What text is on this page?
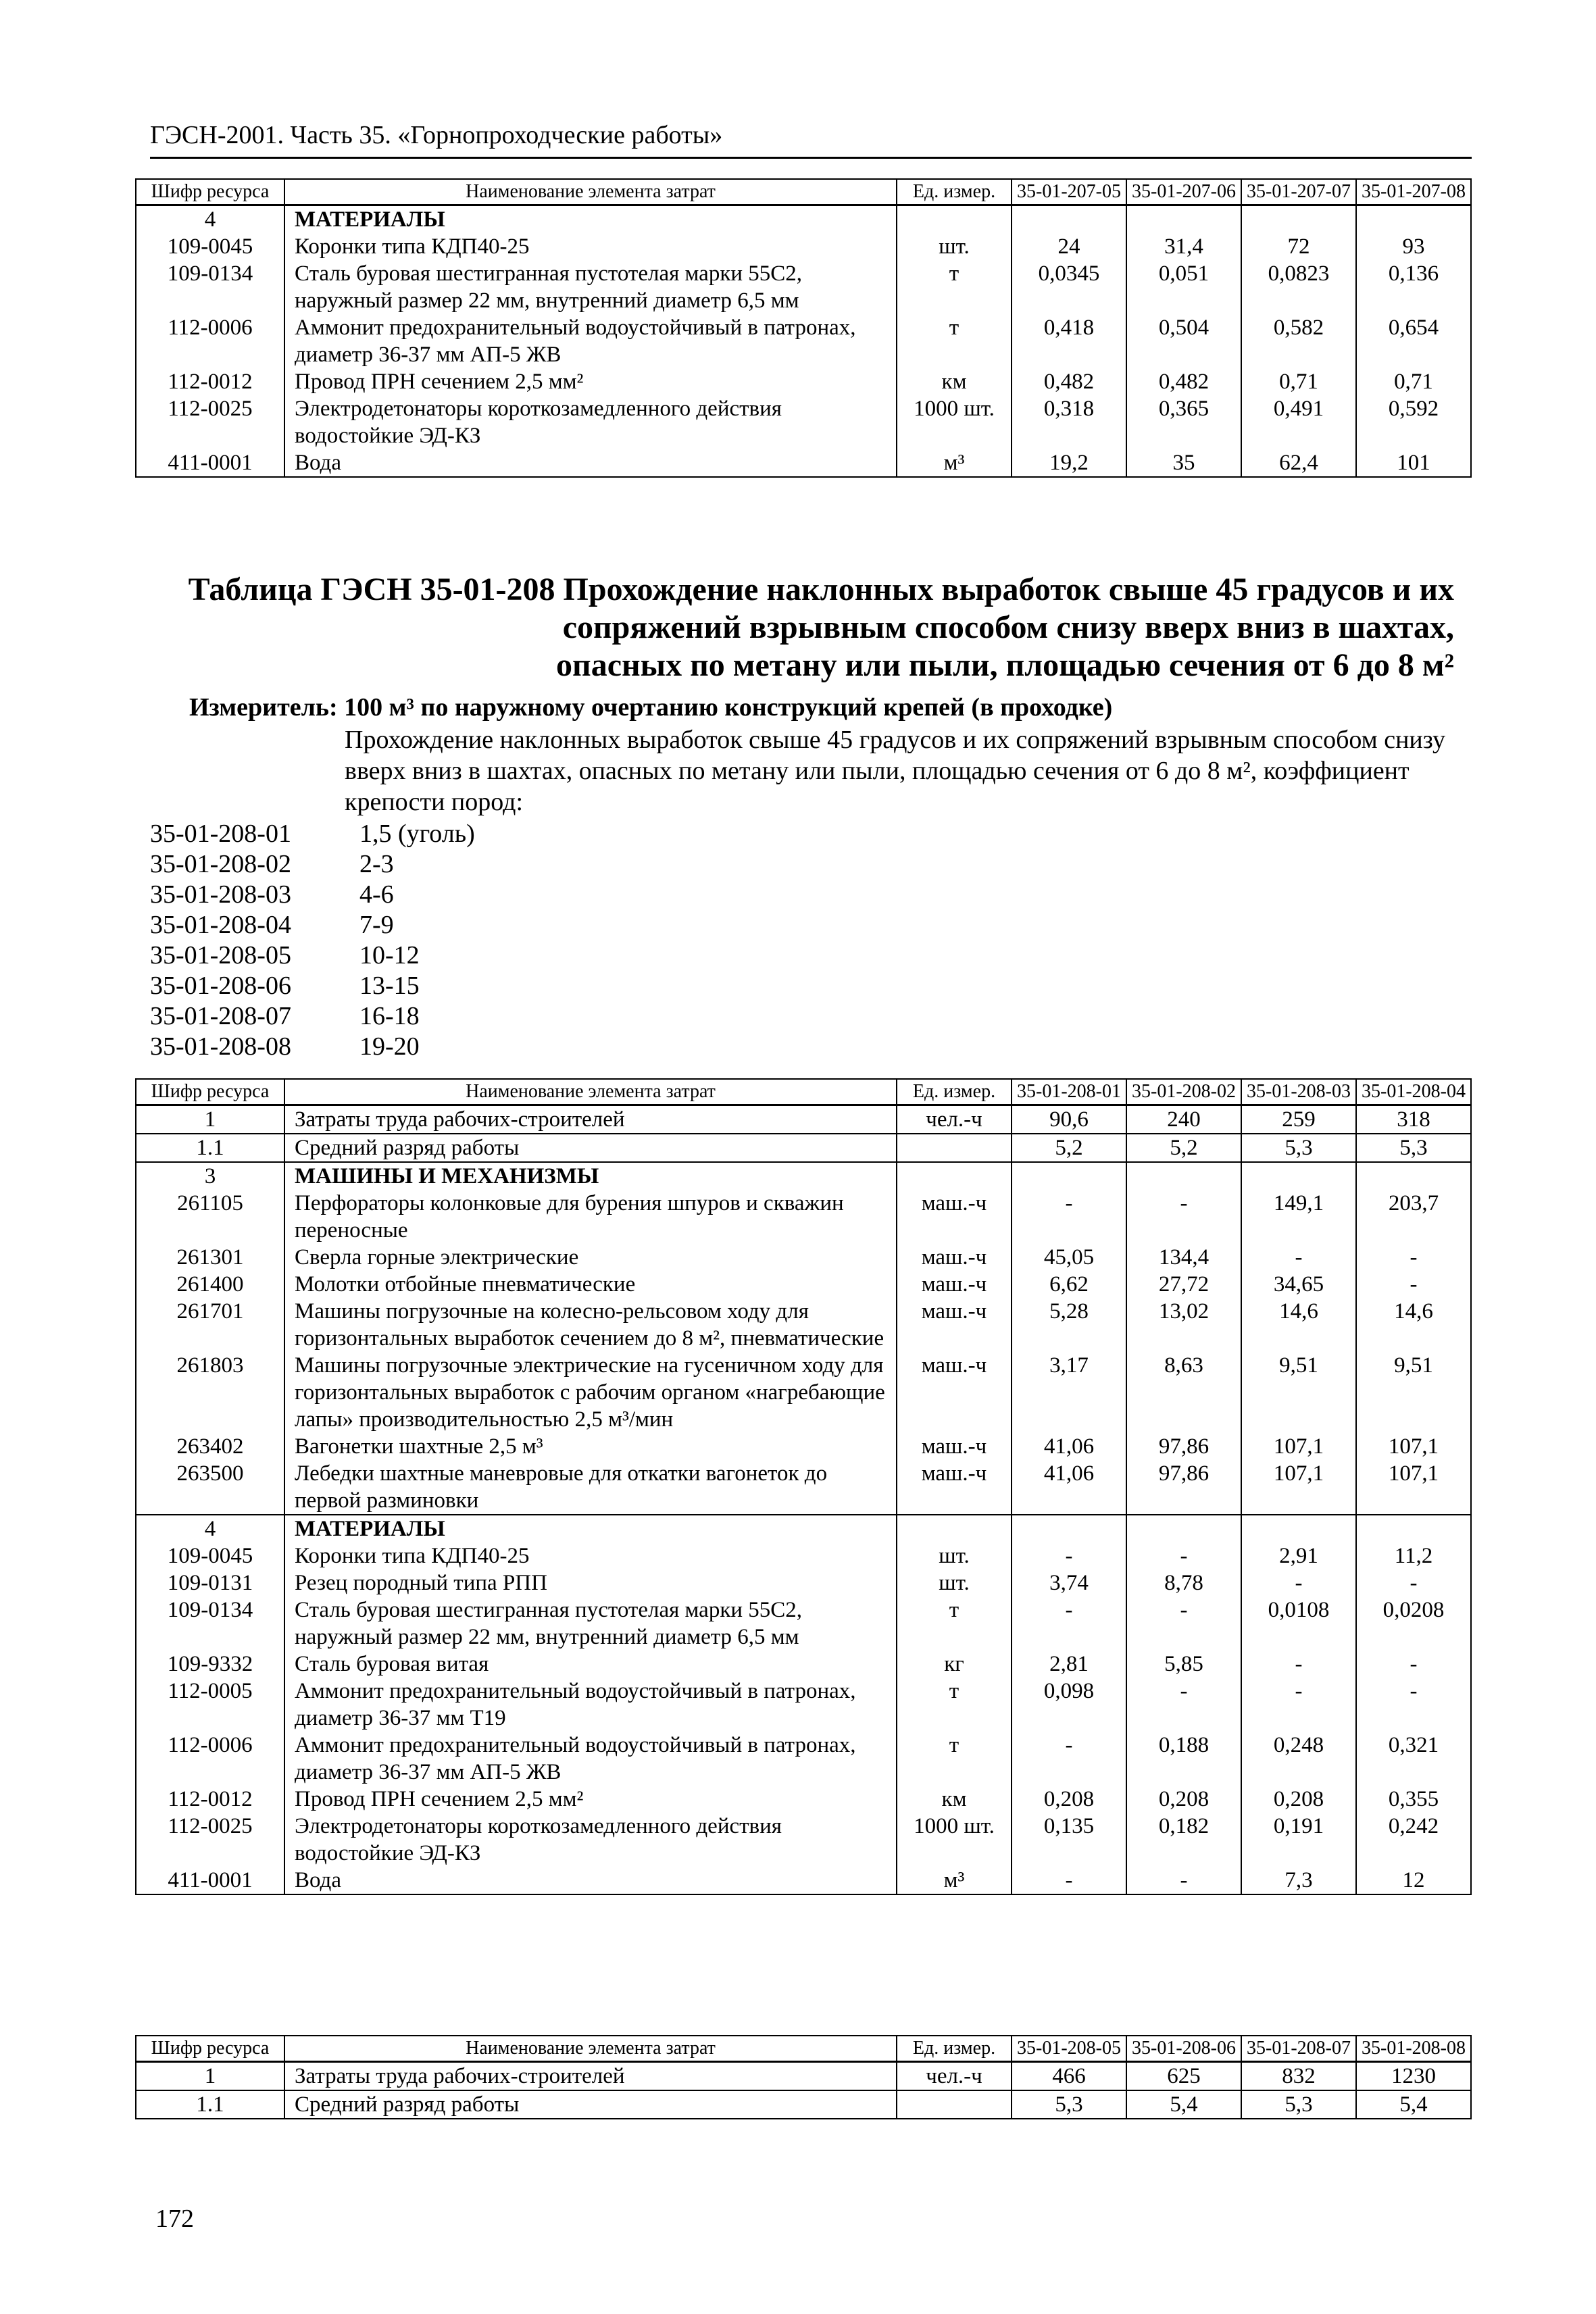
ГЭСН-2001. Часть 35. «Горнопроходческие работы»
Шифр ресурса	Наименование элемента затрат	Ед. измер.	35-01-207-05	35-01-207-06	35-01-207-07	35-01-207-08
4	МАТЕРИАЛЫ					
109-0045	Коронки типа КДП40-25	шт.	24	31,4	72	93
109-0134	Сталь буровая шестигранная пустотелая марки 55С2, наружный размер 22 мм, внутренний диаметр 6,5 мм	т	0,0345	0,051	0,0823	0,136
112-0006	Аммонит предохранительный водоустойчивый в патронах, диаметр 36-37 мм АП-5 ЖВ	т	0,418	0,504	0,582	0,654
112-0012	Провод ПРН сечением 2,5 мм²	км	0,482	0,482	0,71	0,71
112-0025	Электродетонаторы короткозамедленного действия водостойкие ЭД-КЗ	1000 шт.	0,318	0,365	0,491	0,592
411-0001	Вода	м³	19,2	35	62,4	101
Таблица ГЭСН 35-01-208 Прохождение наклонных выработок свыше 45 градусов и их
сопряжений взрывным способом снизу вверх вниз в шахтах,
опасных по метану или пыли, площадью сечения от 6 до 8 м²
Измеритель: 100 м³ по наружному очертанию конструкций крепей (в проходке)
Прохождение наклонных выработок свыше 45 градусов и их сопряжений взрывным способом снизу вверх вниз в шахтах, опасных по метану или пыли, площадью сечения от 6 до 8 м², коэффициент крепости пород:
35-01-208-01	1,5 (уголь)
35-01-208-02	2-3
35-01-208-03	4-6
35-01-208-04	7-9
35-01-208-05	10-12
35-01-208-06	13-15
35-01-208-07	16-18
35-01-208-08	19-20
Шифр ресурса	Наименование элемента затрат	Ед. измер.	35-01-208-01	35-01-208-02	35-01-208-03	35-01-208-04
1	Затраты труда рабочих-строителей	чел.-ч	90,6	240	259	318
1.1	Средний разряд работы		5,2	5,2	5,3	5,3
3	МАШИНЫ И МЕХАНИЗМЫ					
261105	Перфораторы колонковые для бурения шпуров и скважин переносные	маш.-ч	-	-	149,1	203,7
261301	Сверла горные электрические	маш.-ч	45,05	134,4	-	-
261400	Молотки отбойные пневматические	маш.-ч	6,62	27,72	34,65	-
261701	Машины погрузочные на колесно-рельсовом ходу для горизонтальных выработок сечением до 8 м², пневматические	маш.-ч	5,28	13,02	14,6	14,6
261803	Машины погрузочные электрические на гусеничном ходу для горизонтальных выработок с рабочим органом «нагребающие лапы» производительностью 2,5 м³/мин	маш.-ч	3,17	8,63	9,51	9,51
263402	Вагонетки шахтные 2,5 м³	маш.-ч	41,06	97,86	107,1	107,1
263500	Лебедки шахтные маневровые для откатки вагонеток до первой разминовки	маш.-ч	41,06	97,86	107,1	107,1
4	МАТЕРИАЛЫ					
109-0045	Коронки типа КДП40-25	шт.	-	-	2,91	11,2
109-0131	Резец породный типа РПП	шт.	3,74	8,78	-	-
109-0134	Сталь буровая шестигранная пустотелая марки 55С2, наружный размер 22 мм, внутренний диаметр 6,5 мм	т	-	-	0,0108	0,0208
109-9332	Сталь буровая витая	кг	2,81	5,85	-	-
112-0005	Аммонит предохранительный водоустойчивый в патронах, диаметр 36-37 мм Т19	т	0,098	-	-	-
112-0006	Аммонит предохранительный водоустойчивый в патронах, диаметр 36-37 мм АП-5 ЖВ	т	-	0,188	0,248	0,321
112-0012	Провод ПРН сечением 2,5 мм²	км	0,208	0,208	0,208	0,355
112-0025	Электродетонаторы короткозамедленного действия водостойкие ЭД-КЗ	1000 шт.	0,135	0,182	0,191	0,242
411-0001	Вода	м³	-	-	7,3	12
Шифр ресурса	Наименование элемента затрат	Ед. измер.	35-01-208-05	35-01-208-06	35-01-208-07	35-01-208-08
1	Затраты труда рабочих-строителей	чел.-ч	466	625	832	1230
1.1	Средний разряд работы		5,3	5,4	5,3	5,4
172
